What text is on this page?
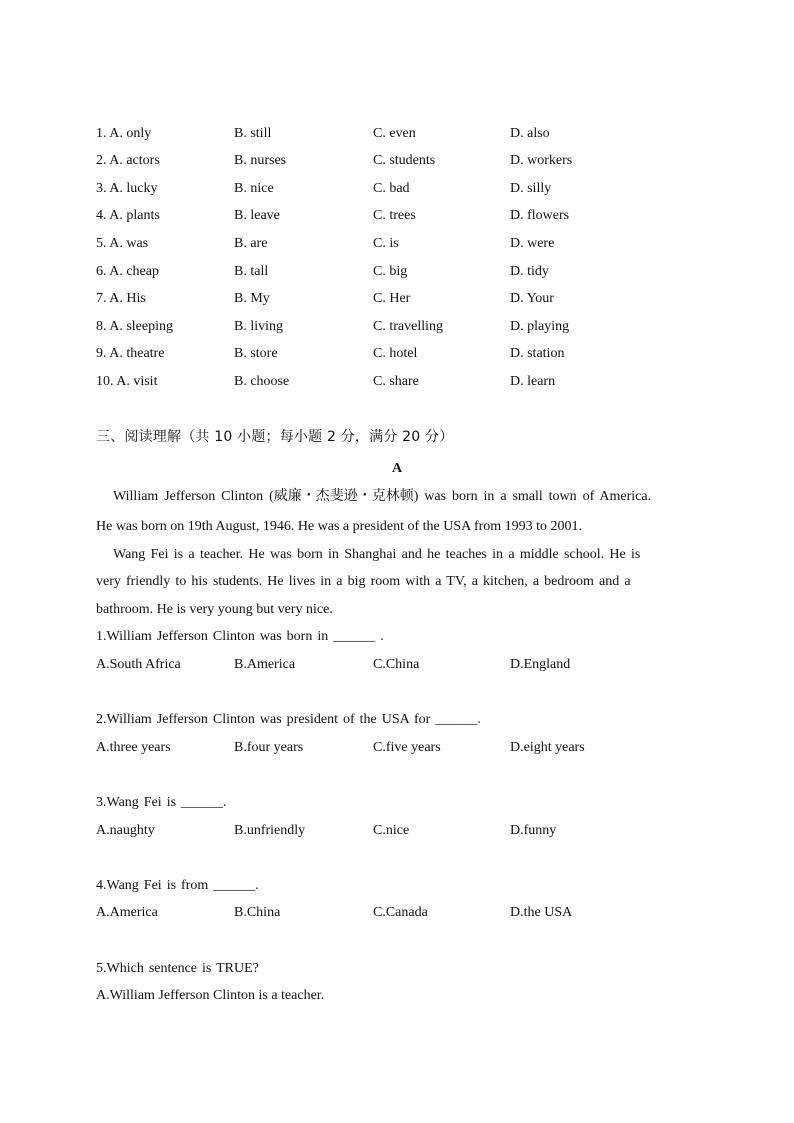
1. A. only	B. still	C. even	D. also
2. A. actors	B. nurses	C. students	D. workers
3. A. lucky	B. nice	C. bad	D. silly
4. A. plants	B. leave	C. trees	D. flowers
5. A. was	B. are	C. is	D. were
6. A. cheap	B. tall	C. big	D. tidy
7. A. His	B. My	C. Her	D. Your
8. A. sleeping	B. living	C. travelling	D. playing
9. A. theatre	B. store	C. hotel	D. station
10. A. visit	B. choose	C. share	D. learn
三、阅读理解（共 10 小题；每小题 2 分，满分 20 分）
A
William Jefferson Clinton (威廉・杰斐逊・克林顿) was born in a small town of America.
He was born on 19th August, 1946. He was a president of the USA from 1993 to 2001.
Wang Fei is a teacher. He was born in Shanghai and he teaches in a middle school. He is
very friendly to his students. He lives in a big room with a TV, a kitchen, a bedroom and a
bathroom. He is very young but very nice.
1.William Jefferson Clinton was born in ______ .
A.South Africa	B.America	C.China	D.England
2.William Jefferson Clinton was president of the USA for ______.
A.three years	B.four years	C.five years	D.eight years
3.Wang Fei is ______.
A.naughty	B.unfriendly	C.nice	D.funny
4.Wang Fei is from ______.
A.America	B.China	C.Canada	D.the USA
5.Which sentence is TRUE?
A.William Jefferson Clinton is a teacher.
